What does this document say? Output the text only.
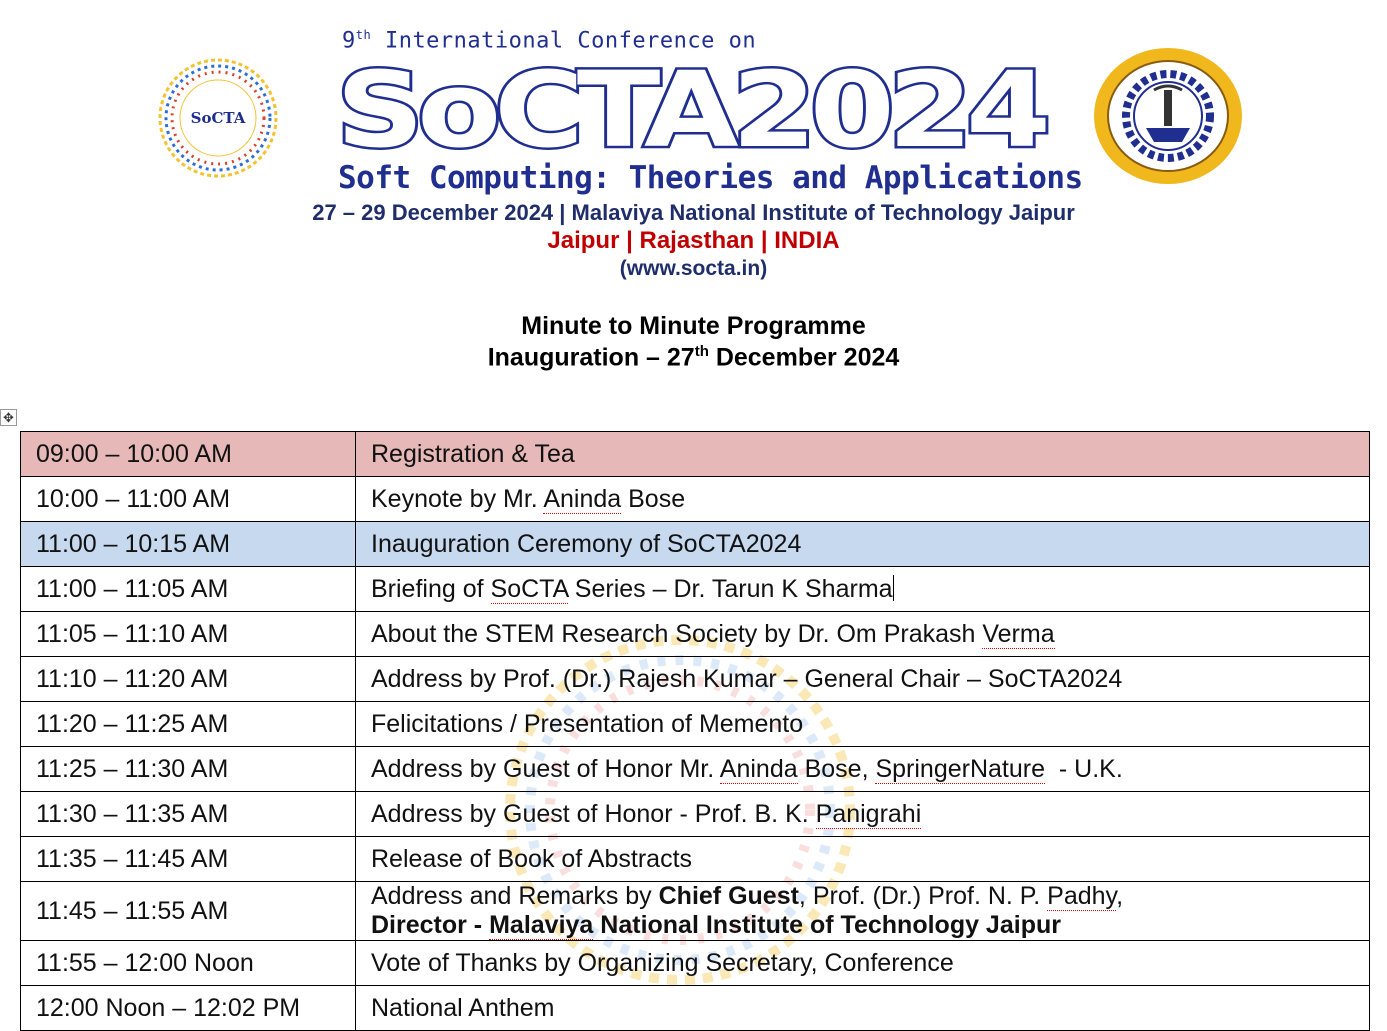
SoCTA
9th International Conference on
SoCTA2024
Soft Computing: Theories and Applications
27 – 29 December 2024 | Malaviya National Institute of Technology Jaipur
Jaipur | Rajasthan | INDIA
(www.socta.in)
Minute to Minute Programme
Inauguration – 27th December 2024
✥
09:00 – 10:00 AM	Registration & Tea
10:00 – 11:00 AM	Keynote by Mr. Aninda Bose
11:00 – 10:15 AM	Inauguration Ceremony of SoCTA2024
11:00 – 11:05 AM	Briefing of SoCTA Series – Dr. Tarun K Sharma
11:05 – 11:10 AM	About the STEM Research Society by Dr. Om Prakash Verma
11:10 – 11:20 AM	Address by Prof. (Dr.) Rajesh Kumar – General Chair – SoCTA2024
11:20 – 11:25 AM	Felicitations / Presentation of Memento
11:25 – 11:30 AM	Address by Guest of Honor Mr. Aninda Bose, SpringerNature  - U.K.
11:30 – 11:35 AM	Address by Guest of Honor - Prof. B. K. Panigrahi
11:35 – 11:45 AM	Release of Book of Abstracts
11:45 – 11:55 AM	Address and Remarks by Chief Guest, Prof. (Dr.) Prof. N. P. Padhy,
Director - Malaviya National Institute of Technology Jaipur

11:55 – 12:00 Noon	Vote of Thanks by Organizing Secretary, Conference
12:00 Noon – 12:02 PM	National Anthem
